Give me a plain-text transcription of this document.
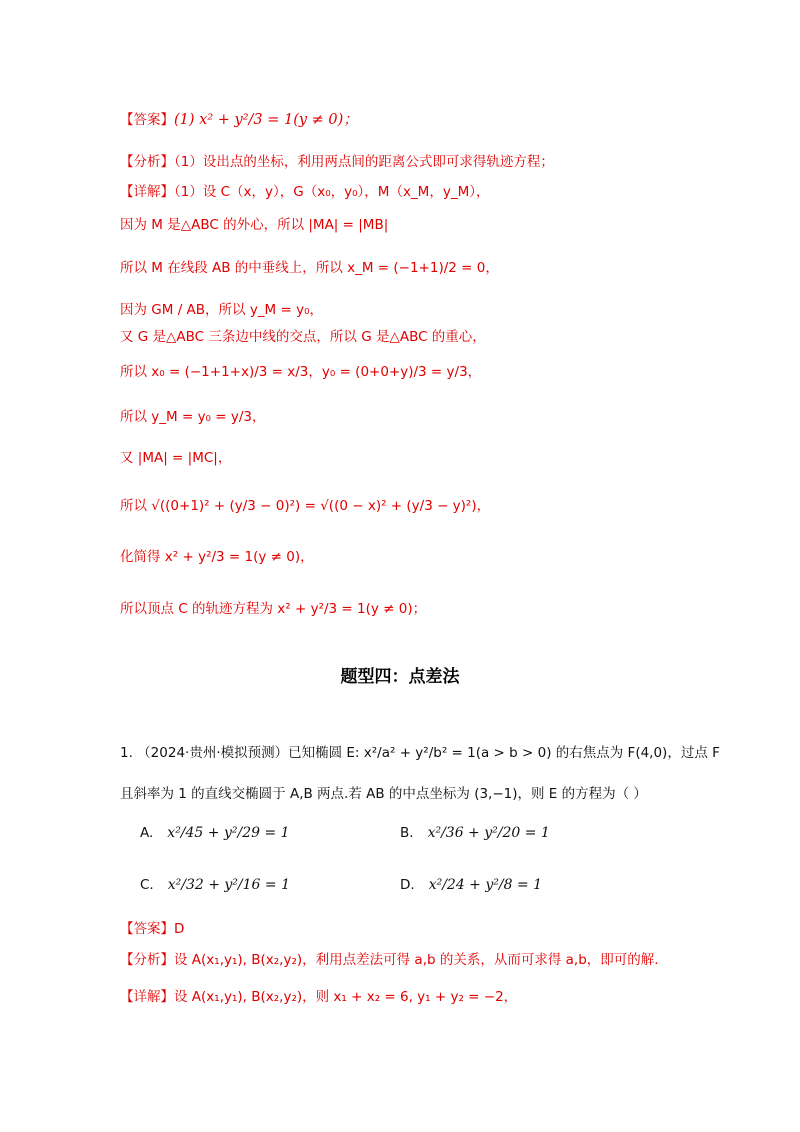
【答案】(1) x² + y²/3 = 1(y ≠ 0)；
【分析】（1）设出点的坐标，利用两点间的距离公式即可求得轨迹方程；
【详解】（1）设 C（x，y），G（x₀，y₀），M（x_M，y_M），
因为 M 是△ABC 的外心，所以 |MA| = |MB|
所以 M 在线段 AB 的中垂线上，所以 x_M = (−1+1)/2 = 0，
因为 GM / AB，所以 y_M = y₀，
又 G 是△ABC 三条边中线的交点，所以 G 是△ABC 的重心，
所以 x₀ = (−1+1+x)/3 = x/3，y₀ = (0+0+y)/3 = y/3，
所以 y_M = y₀ = y/3，
又 |MA| = |MC|，
所以 √((0+1)² + (y/3 − 0)²) = √((0 − x)² + (y/3 − y)²)，
化简得 x² + y²/3 = 1(y ≠ 0)，
所以顶点 C 的轨迹方程为 x² + y²/3 = 1(y ≠ 0)；
题型四：点差法
1. （2024·贵州·模拟预测）已知椭圆 E: x²/a² + y²/b² = 1(a > b > 0) 的右焦点为 F(4,0)，过点 F
且斜率为 1 的直线交椭圆于 A,B 两点.若 AB 的中点坐标为 (3,−1)，则 E 的方程为（ ）
A. x²/45 + y²/29 = 1	B. x²/36 + y²/20 = 1
C. x²/32 + y²/16 = 1	D. x²/24 + y²/8 = 1
【答案】D
【分析】设 A(x₁,y₁), B(x₂,y₂)，利用点差法可得 a,b 的关系，从而可求得 a,b，即可的解.
【详解】设 A(x₁,y₁), B(x₂,y₂)，则 x₁ + x₂ = 6, y₁ + y₂ = −2，
